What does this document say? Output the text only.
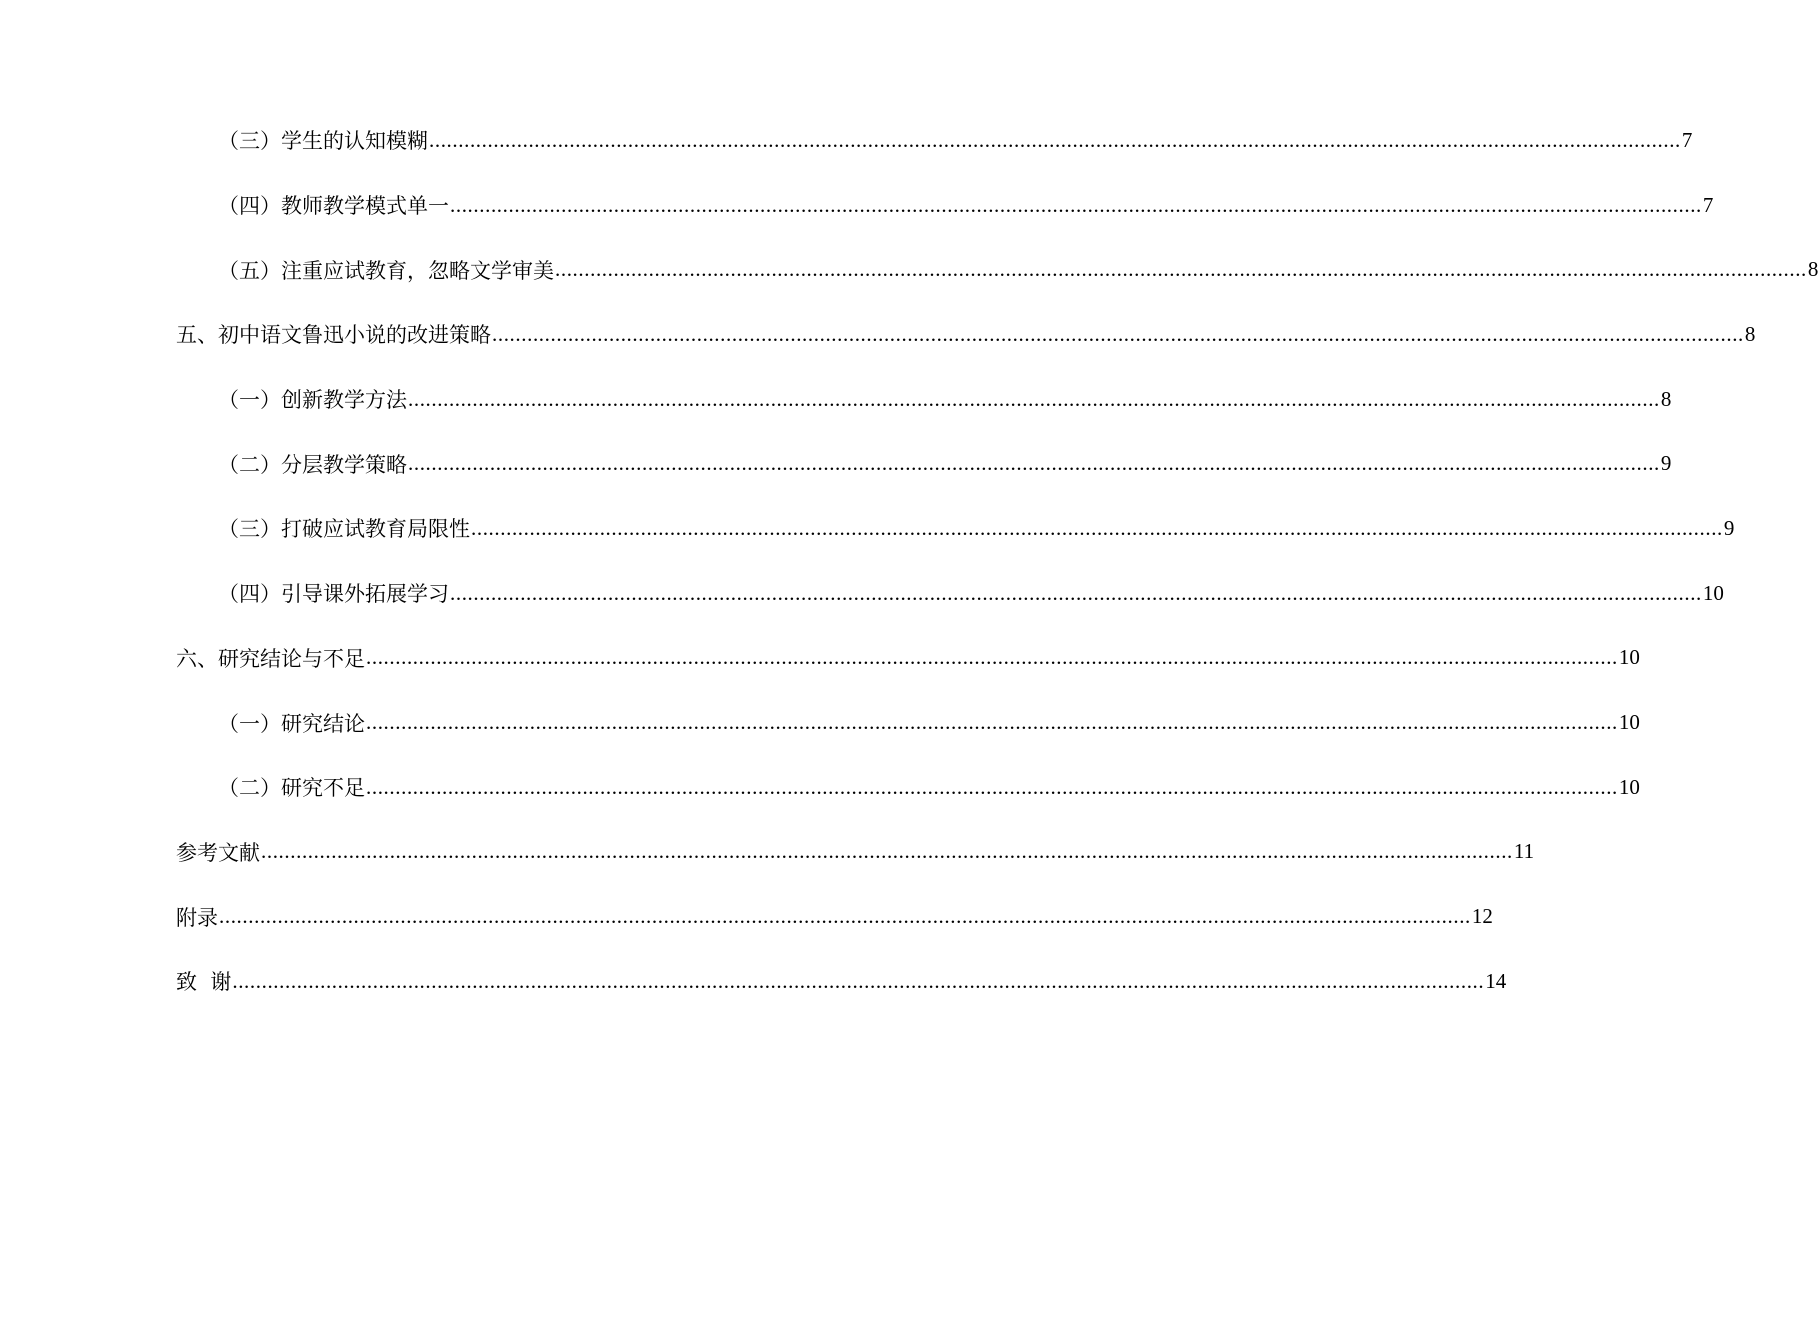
（三）学生的认知模糊 ...................................................................................................................................................................................................................... 7
（四）教师教学模式单一 ...................................................................................................................................................................................................................... 7
（五）注重应试教育，忽略文学审美 ...................................................................................................................................................................................................................... 8
五、初中语文鲁迅小说的改进策略 ...................................................................................................................................................................................................................... 8
（一）创新教学方法 ...................................................................................................................................................................................................................... 8
（二）分层教学策略 ...................................................................................................................................................................................................................... 9
（三）打破应试教育局限性 ...................................................................................................................................................................................................................... 9
（四）引导课外拓展学习 ...................................................................................................................................................................................................................... 10
六、研究结论与不足 ...................................................................................................................................................................................................................... 10
（一）研究结论 ...................................................................................................................................................................................................................... 10
（二）研究不足 ...................................................................................................................................................................................................................... 10
参考文献 ...................................................................................................................................................................................................................... 11
附录 ...................................................................................................................................................................................................................... 12
致  谢 ...................................................................................................................................................................................................................... 14
